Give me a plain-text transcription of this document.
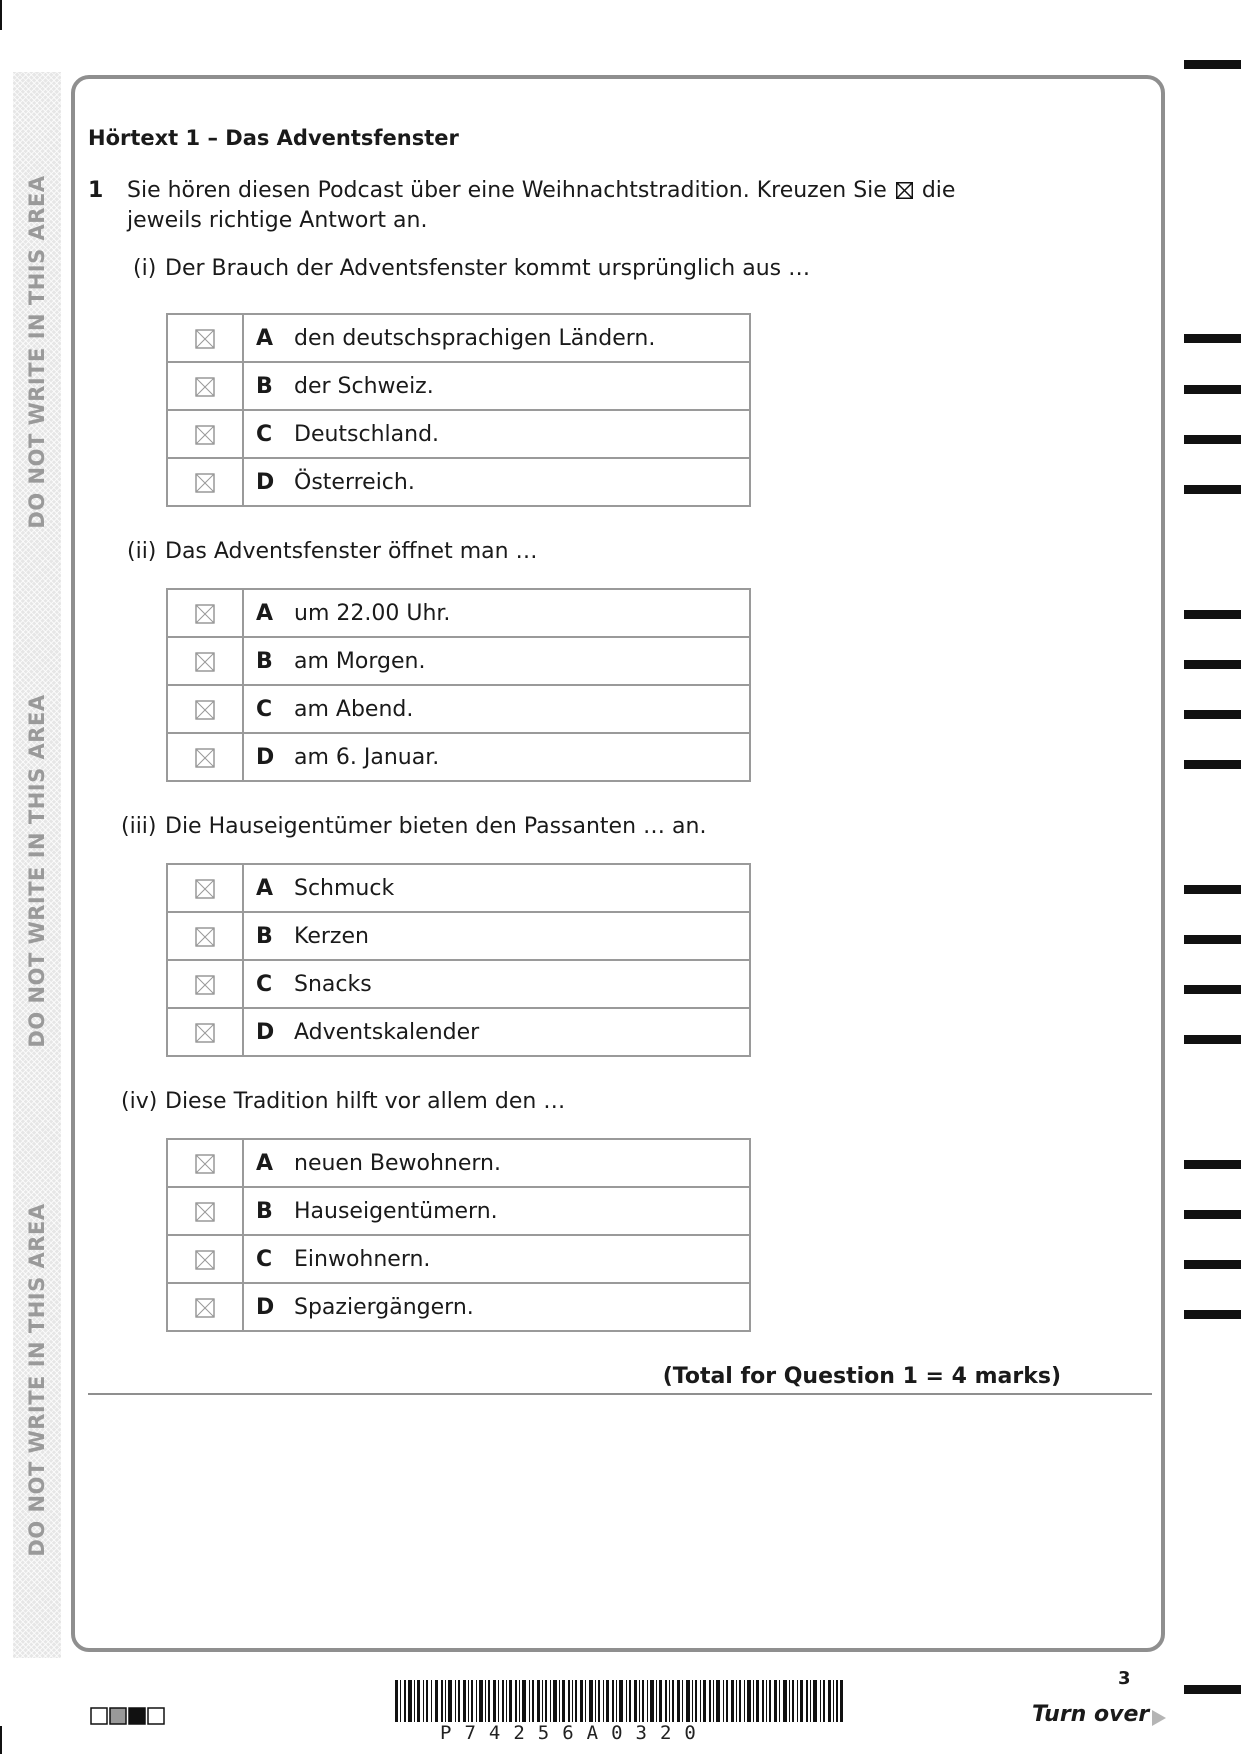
DO NOT WRITE IN THIS AREA
DO NOT WRITE IN THIS AREA
DO NOT WRITE IN THIS AREA
Hörtext 1 – Das Adventsfenster
1 Sie hören diesen Podcast über eine Weihnachtstradition. Kreuzen Sie ☒ die jeweils richtige Antwort an.
(i) Der Brauch der Adventsfenster kommt ursprünglich aus …
	A den deutschsprachigen Ländern.
	B der Schweiz.
	C Deutschland.
	D Österreich.
(ii) Das Adventsfenster öffnet man …
	A um 22.00 Uhr.
	B am Morgen.
	C am Abend.
	D am 6. Januar.
(iii) Die Hauseigentümer bieten den Passanten … an.
	A Schmuck
	B Kerzen
	C Snacks
	D Adventskalender
(iv) Diese Tradition hilft vor allem den …
	A neuen Bewohnern.
	B Hauseigentümern.
	C Einwohnern.
	D Spaziergängern.
(Total for Question 1 = 4 marks)
P74256A0320
3
Turn over
